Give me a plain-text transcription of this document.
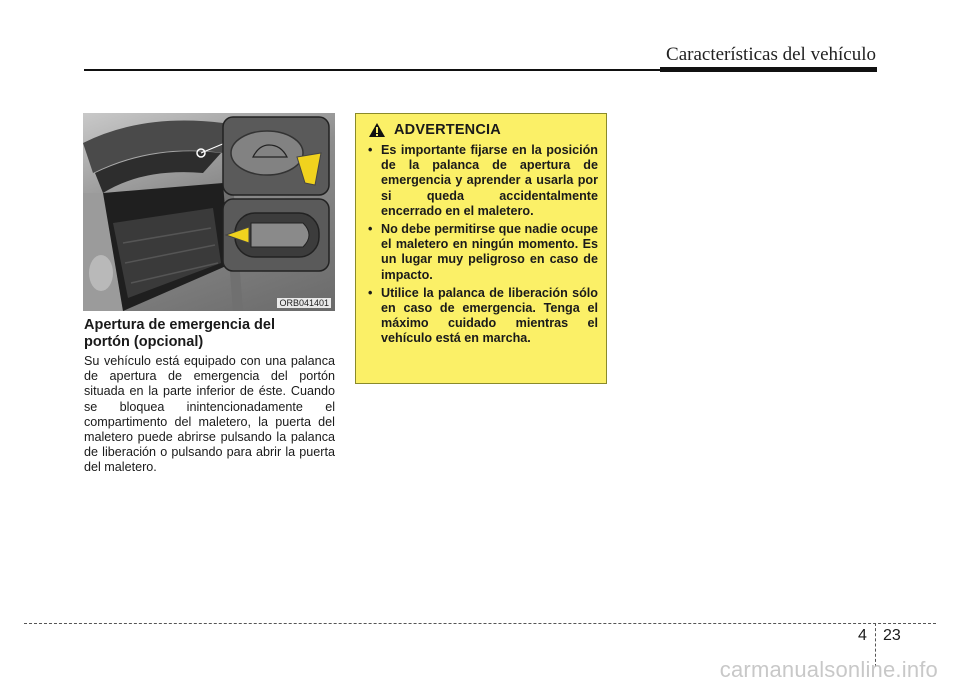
Características del vehículo
ORB041401
Apertura de emergencia del
portón (opcional)

Su vehículo está equipado con una palanca de apertura de emergencia del portón situada en la parte inferior de éste. Cuando se bloquea inintencionadamente el compartimento del maletero, la puerta del maletero puede abrirse pulsando la palanca de liberación o pulsando para abrir la puerta del maletero.

ADVERTENCIA
• Es importante fijarse en la posición de la palanca de apertura de emergencia y aprender a usarla por si queda accidentalmente encerrado en el maletero.
• No debe permitirse que nadie ocupe el maletero en ningún momento. Es un lugar muy peligroso en caso de impacto.
• Utilice la palanca de liberación sólo en caso de emergencia. Tenga el máximo cuidado mientras el vehículo está en marcha.
4 23
carmanualsonline.info
